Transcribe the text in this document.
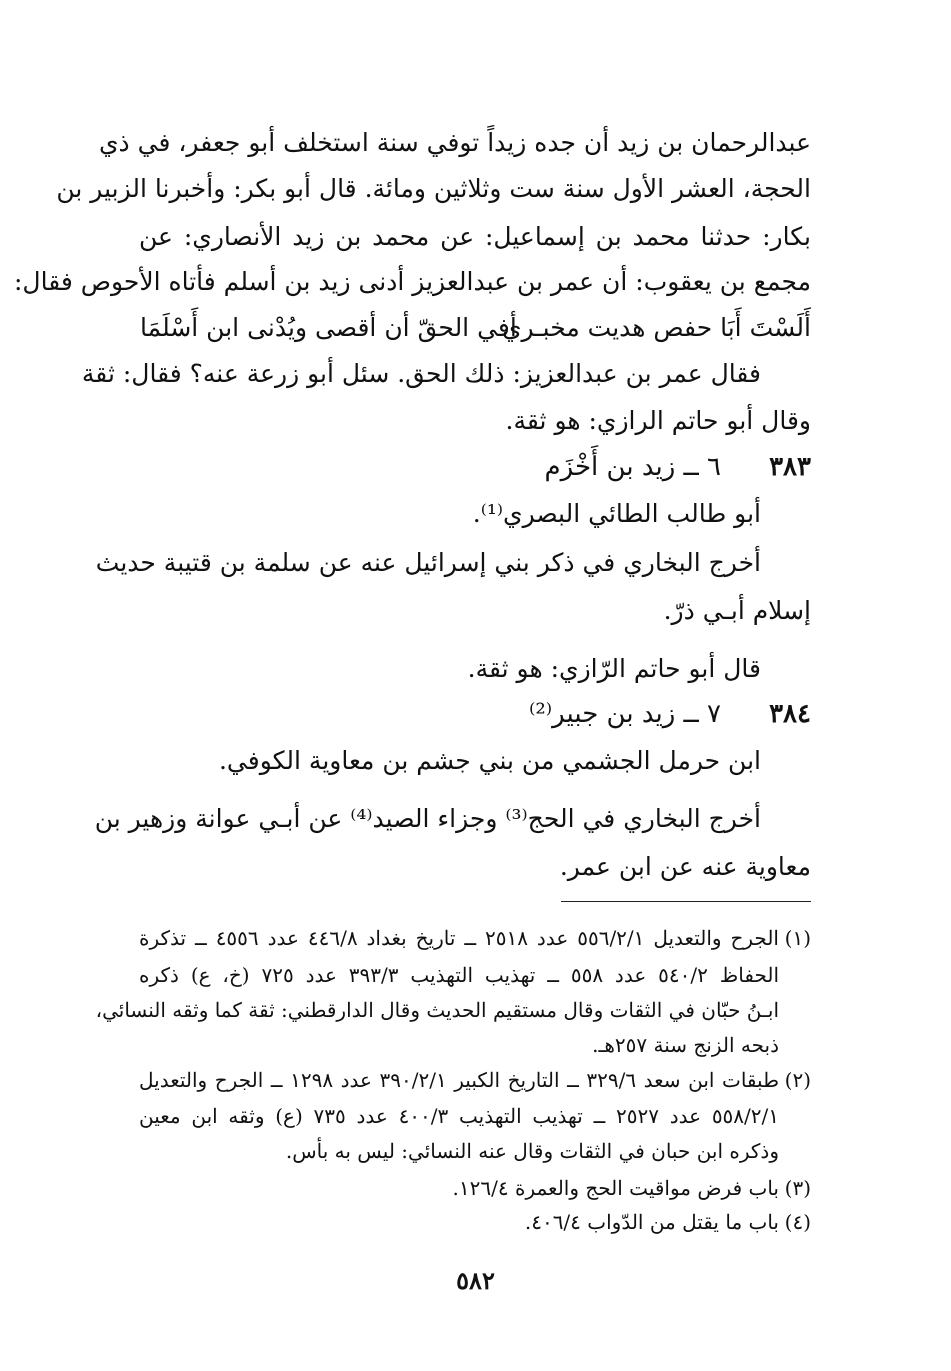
عبدالرحمان بن زيد أن جده زيداً توفي سنة استخلف أبو جعفر، في ذي
الحجة، العشر الأول سنة ست وثلاثين ومائة. قال أبو بكر: وأخبرنا الزبير بن
بكار: حدثنا محمد بن إسماعيل: عن محمد بن زيد الأنصاري: عن
مجمع بن يعقوب: أن عمر بن عبدالعزيز أدنى زيد بن أسلم فأتاه الأحوص فقال:
أَلَسْتَ أَبَا حفص هديت مخبـري
أفي الحقّ أن أقصى ويُدْنى ابن أَسْلَمَا
فقال عمر بن عبدالعزيز: ذلك الحق. سئل أبو زرعة عنه؟ فقال: ثقة
وقال أبو حاتم الرازي: هو ثقة.
٣٨٣
٦ ــ زيد بن أَخْزَم
أبو طالب الطائي البصري⁽¹⁾.
أخرج البخاري في ذكر بني إسرائيل عنه عن سلمة بن قتيبة حديث
إسلام أبـي ذرّ.
قال أبو حاتم الرّازي: هو ثقة.
٣٨٤
٧ ــ زيد بن جبير⁽²⁾
ابن حرمل الجشمي من بني جشم بن معاوية الكوفي.
أخرج البخاري في الحج⁽³⁾ وجزاء الصيد⁽⁴⁾ عن أبـي عوانة وزهير بن
معاوية عنه عن ابن عمر.
(١)
الجرح والتعديل ٥٥٦/٢/١ عدد ٢٥١٨ ــ تاريخ بغداد ٤٤٦/٨ عدد ٤٥٥٦ ــ تذكرة
الحفاظ ٥٤٠/٢ عدد ٥٥٨ ــ تهذيب التهذيب ٣٩٣/٣ عدد ٧٢٥ (خ، ع) ذكره
ابـنُ حبّان في الثقات وقال مستقيم الحديث وقال الدارقطني: ثقة كما وثقه النسائي،
ذبحه الزنج سنة ٢٥٧هـ.
(٢)
طبقات ابن سعد ٣٢٩/٦ ــ التاريخ الكبير ٣٩٠/٢/١ عدد ١٢٩٨ ــ الجرح والتعديل
٥٥٨/٢/١ عدد ٢٥٢٧ ــ تهذيب التهذيب ٤٠٠/٣ عدد ٧٣٥ (ع) وثقه ابن معين
وذكره ابن حبان في الثقات وقال عنه النسائي: ليس به بأس.
(٣)
باب فرض مواقيت الحج والعمرة ١٢٦/٤.
(٤)
باب ما يقتل من الدّواب ٤٠٦/٤.
٥٨٢
